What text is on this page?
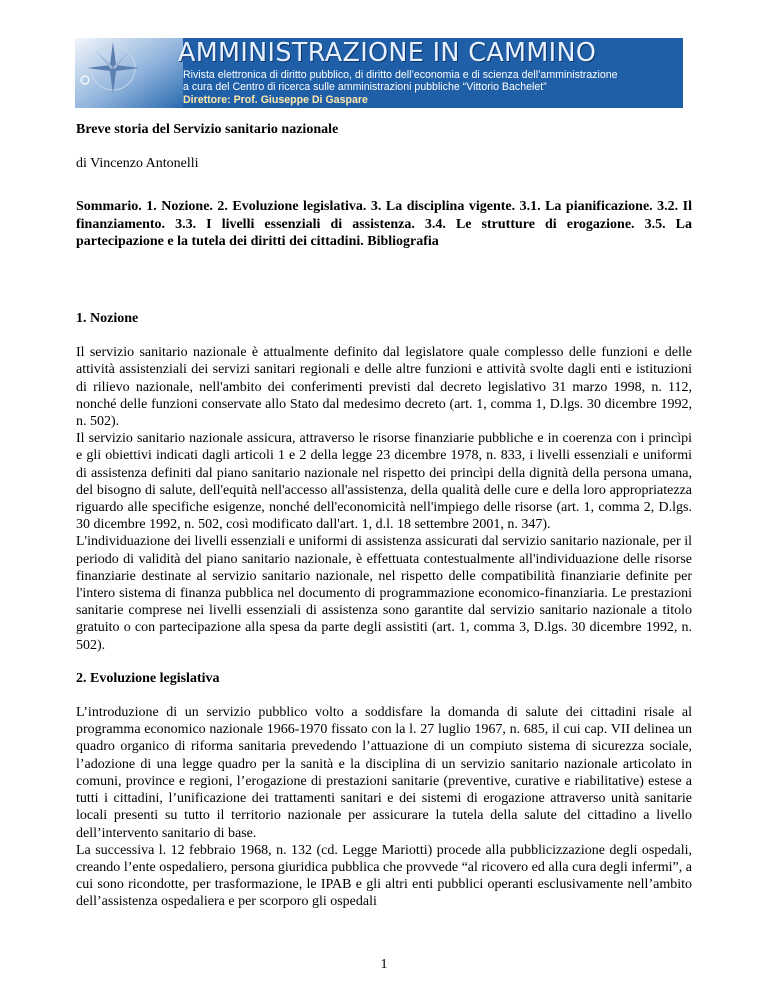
AMMINISTRAZIONE IN CAMMINO
Rivista elettronica di diritto pubblico, di diritto dell’economia e di scienza dell’amministrazione
a cura del Centro di ricerca sulle amministrazioni pubbliche “Vittorio Bachelet”
Direttore: Prof. Giuseppe Di Gaspare

Breve storia del Servizio sanitario nazionale

di Vincenzo Antonelli

Sommario. 1. Nozione. 2. Evoluzione legislativa. 3. La disciplina vigente. 3.1. La pianificazione. 3.2. Il finanziamento. 3.3. I livelli essenziali di assistenza. 3.4. Le strutture di erogazione. 3.5. La partecipazione e la tutela dei diritti dei cittadini. Bibliografia

1. Nozione

Il servizio sanitario nazionale è attualmente definito dal legislatore quale complesso delle funzioni e delle attività assistenziali dei servizi sanitari regionali e delle altre funzioni e attività svolte dagli enti e istituzioni di rilievo nazionale, nell'ambito dei conferimenti previsti dal decreto legislativo 31 marzo 1998, n. 112, nonché delle funzioni conservate allo Stato dal medesimo decreto (art. 1, comma 1, D.lgs. 30 dicembre 1992, n. 502).

Il servizio sanitario nazionale assicura, attraverso le risorse finanziarie pubbliche e in coerenza con i princìpi e gli obiettivi indicati dagli articoli 1 e 2 della legge 23 dicembre 1978, n. 833, i livelli essenziali e uniformi di assistenza definiti dal piano sanitario nazionale nel rispetto dei princìpi della dignità della persona umana, del bisogno di salute, dell'equità nell'accesso all'assistenza, della qualità delle cure e della loro appropriatezza riguardo alle specifiche esigenze, nonché dell'economicità nell'impiego delle risorse (art. 1, comma 2, D.lgs. 30 dicembre 1992, n. 502, così modificato dall'art. 1, d.l. 18 settembre 2001, n. 347).

L'individuazione dei livelli essenziali e uniformi di assistenza assicurati dal servizio sanitario nazionale, per il periodo di validità del piano sanitario nazionale, è effettuata contestualmente all'individuazione delle risorse finanziarie destinate al servizio sanitario nazionale, nel rispetto delle compatibilità finanziarie definite per l'intero sistema di finanza pubblica nel documento di programmazione economico-finanziaria. Le prestazioni sanitarie comprese nei livelli essenziali di assistenza sono garantite dal servizio sanitario nazionale a titolo gratuito o con partecipazione alla spesa da parte degli assistiti (art. 1, comma 3, D.lgs. 30 dicembre 1992, n. 502).

2. Evoluzione legislativa

L’introduzione di un servizio pubblico volto a soddisfare la domanda di salute dei cittadini risale al programma economico nazionale 1966-1970 fissato con la l. 27 luglio 1967, n. 685, il cui cap. VII delinea un quadro organico di riforma sanitaria prevedendo l’attuazione di un compiuto sistema di sicurezza sociale, l’adozione di una legge quadro per la sanità e la disciplina di un servizio sanitario nazionale articolato in comuni, province e regioni, l’erogazione di prestazioni sanitarie (preventive, curative e riabilitative) estese a tutti i cittadini, l’unificazione dei trattamenti sanitari e dei sistemi di erogazione attraverso unità sanitarie locali presenti su tutto il territorio nazionale per assicurare la tutela della salute del cittadino a livello dell’intervento sanitario di base.

La successiva l. 12 febbraio 1968, n. 132 (cd. Legge Mariotti) procede alla pubblicizzazione degli ospedali, creando l’ente ospedaliero, persona giuridica pubblica che provvede “al ricovero ed alla cura degli infermi”, a cui sono ricondotte, per trasformazione, le IPAB e gli altri enti pubblici operanti esclusivamente nell’ambito dell’assistenza ospedaliera e per scorporo gli ospedali

1
